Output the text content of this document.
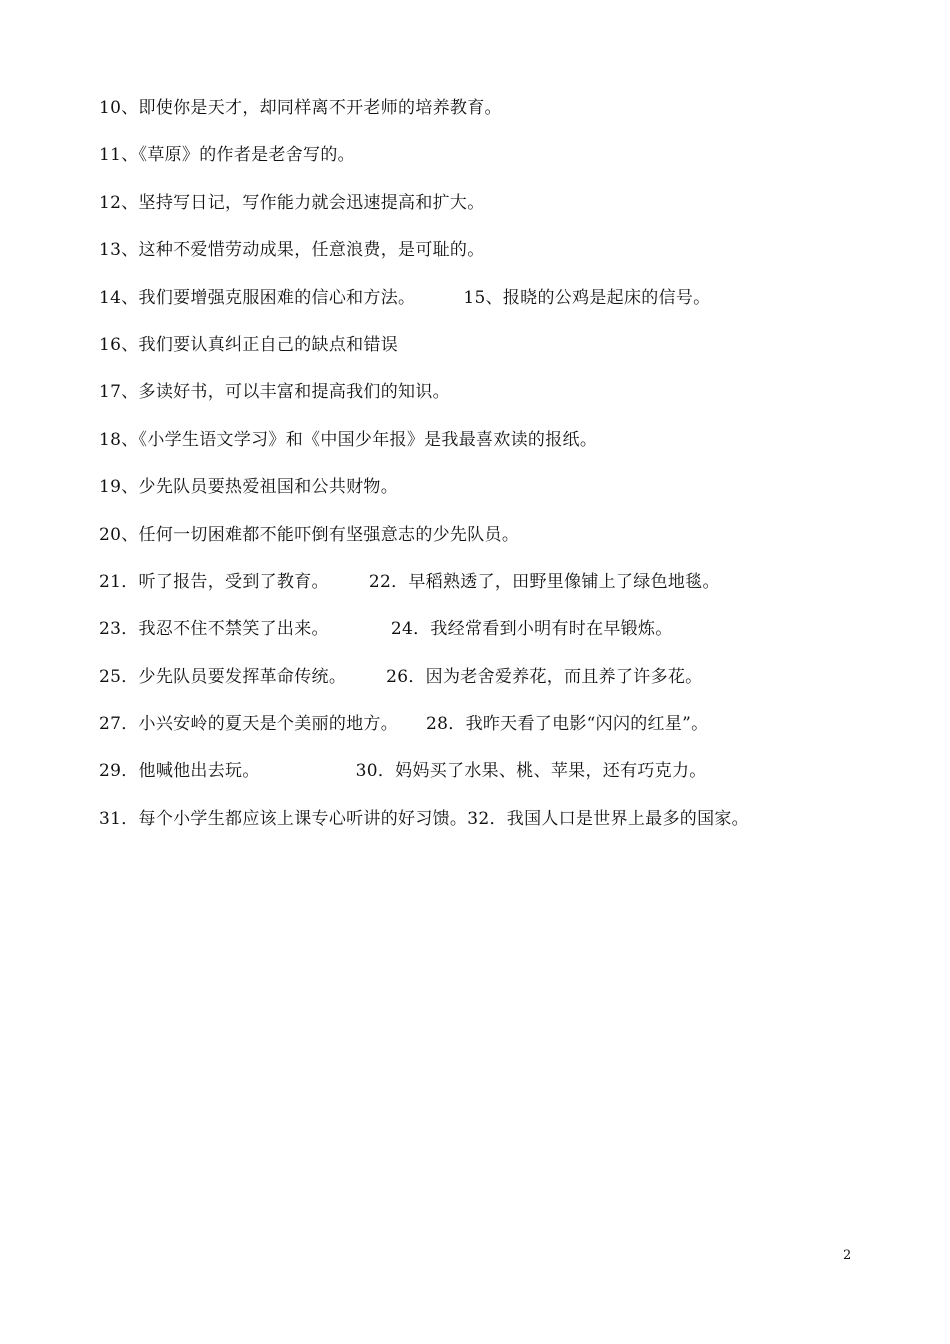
10、即使你是天才，却同样离不开老师的培养教育。
11、《草原》的作者是老舍写的。
12、坚持写日记，写作能力就会迅速提高和扩大。
13、这种不爱惜劳动成果，任意浪费，是可耻的。
14、我们要增强克服困难的信心和方法。	15、报晓的公鸡是起床的信号。
16、我们要认真纠正自己的缺点和错误
17、多读好书，可以丰富和提高我们的知识。
18、《小学生语文学习》和《中国少年报》是我最喜欢读的报纸。
19、少先队员要热爱祖国和公共财物。
20、任何一切困难都不能吓倒有坚强意志的少先队员。
21．听了报告，受到了教育。 22．早稻熟透了，田野里像铺上了绿色地毯。
23．我忍不住不禁笑了出来。	24．我经常看到小明有时在早锻炼。
25．少先队员要发挥革命传统。 26．因为老舍爱养花，而且养了许多花。
27．小兴安岭的夏天是个美丽的地方。 28．我昨天看了电影“闪闪的红星”。
29．他喊他出去玩。	30．妈妈买了水果、桃、苹果，还有巧克力。
31．每个小学生都应该上课专心听讲的好习馈。32．我国人口是世界上最多的国家。
2
